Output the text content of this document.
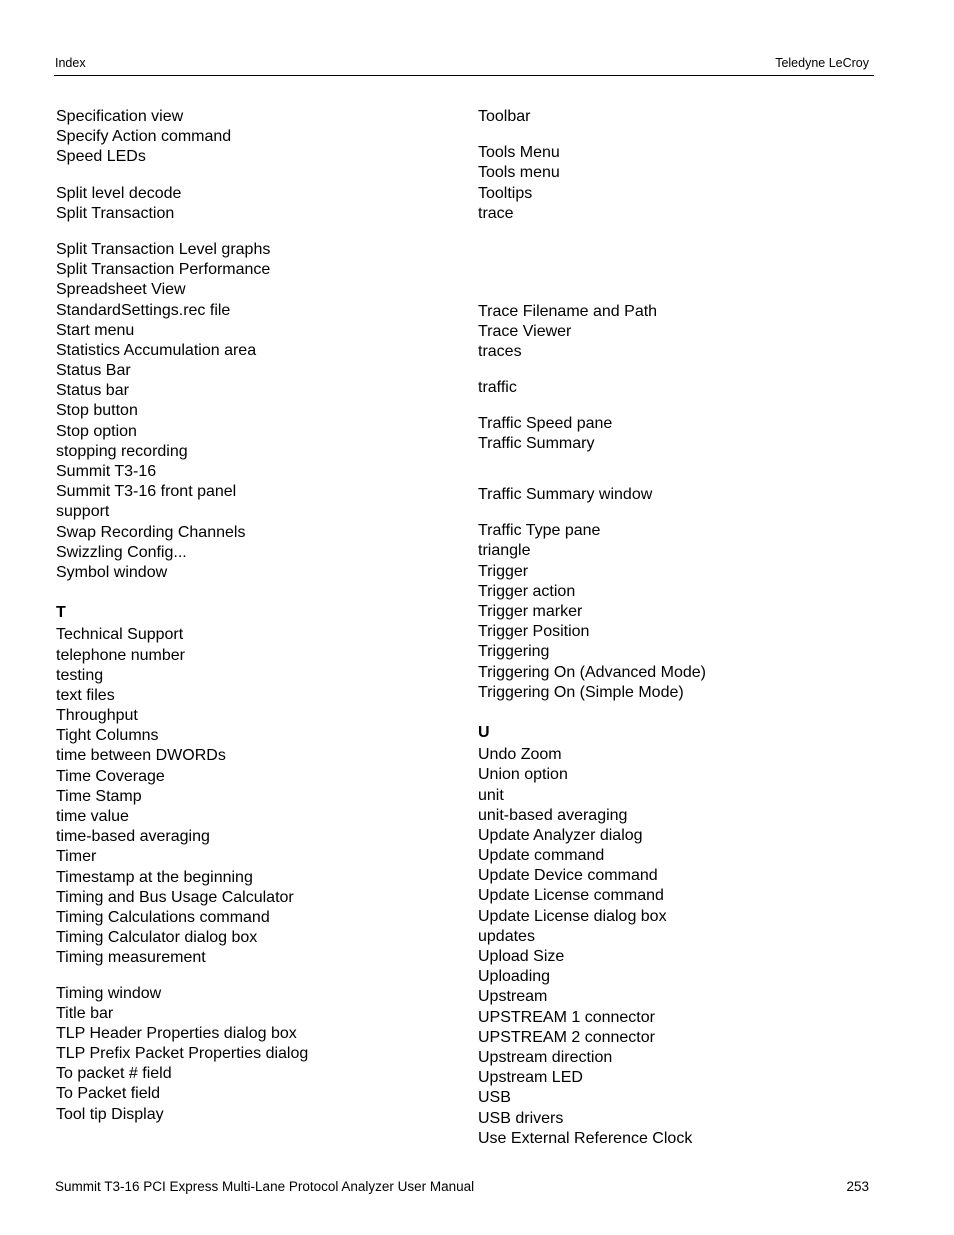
Index	Teledyne LeCroy
Specification view
Specify Action command
Speed LEDs
Split level decode
Split Transaction
Split Transaction Level graphs
Split Transaction Performance
Spreadsheet View
StandardSettings.rec file
Start menu
Statistics Accumulation area
Status Bar
Status bar
Stop button
Stop option
stopping recording
Summit T3-16
Summit T3-16 front panel
support
Swap Recording Channels
Swizzling Config...
Symbol window
T
Technical Support
telephone number
testing
text files
Throughput
Tight Columns
time between DWORDs
Time Coverage
Time Stamp
time value
time-based averaging
Timer
Timestamp at the beginning
Timing and Bus Usage Calculator
Timing Calculations command
Timing Calculator dialog box
Timing measurement
Timing window
Title bar
TLP Header Properties dialog box
TLP Prefix Packet Properties dialog
To packet # field
To Packet field
Tool tip Display
Toolbar
Tools Menu
Tools menu
Tooltips
trace
Trace Filename and Path
Trace Viewer
traces
traffic
Traffic Speed pane
Traffic Summary
Traffic Summary window
Traffic Type pane
triangle
Trigger
Trigger action
Trigger marker
Trigger Position
Triggering
Triggering On (Advanced Mode)
Triggering On (Simple Mode)
U
Undo Zoom
Union option
unit
unit-based averaging
Update Analyzer dialog
Update command
Update Device command
Update License command
Update License dialog box
updates
Upload Size
Uploading
Upstream
UPSTREAM 1 connector
UPSTREAM 2 connector
Upstream direction
Upstream LED
USB
USB drivers
Use External Reference Clock
Summit T3-16 PCI Express Multi-Lane Protocol Analyzer User Manual	253
